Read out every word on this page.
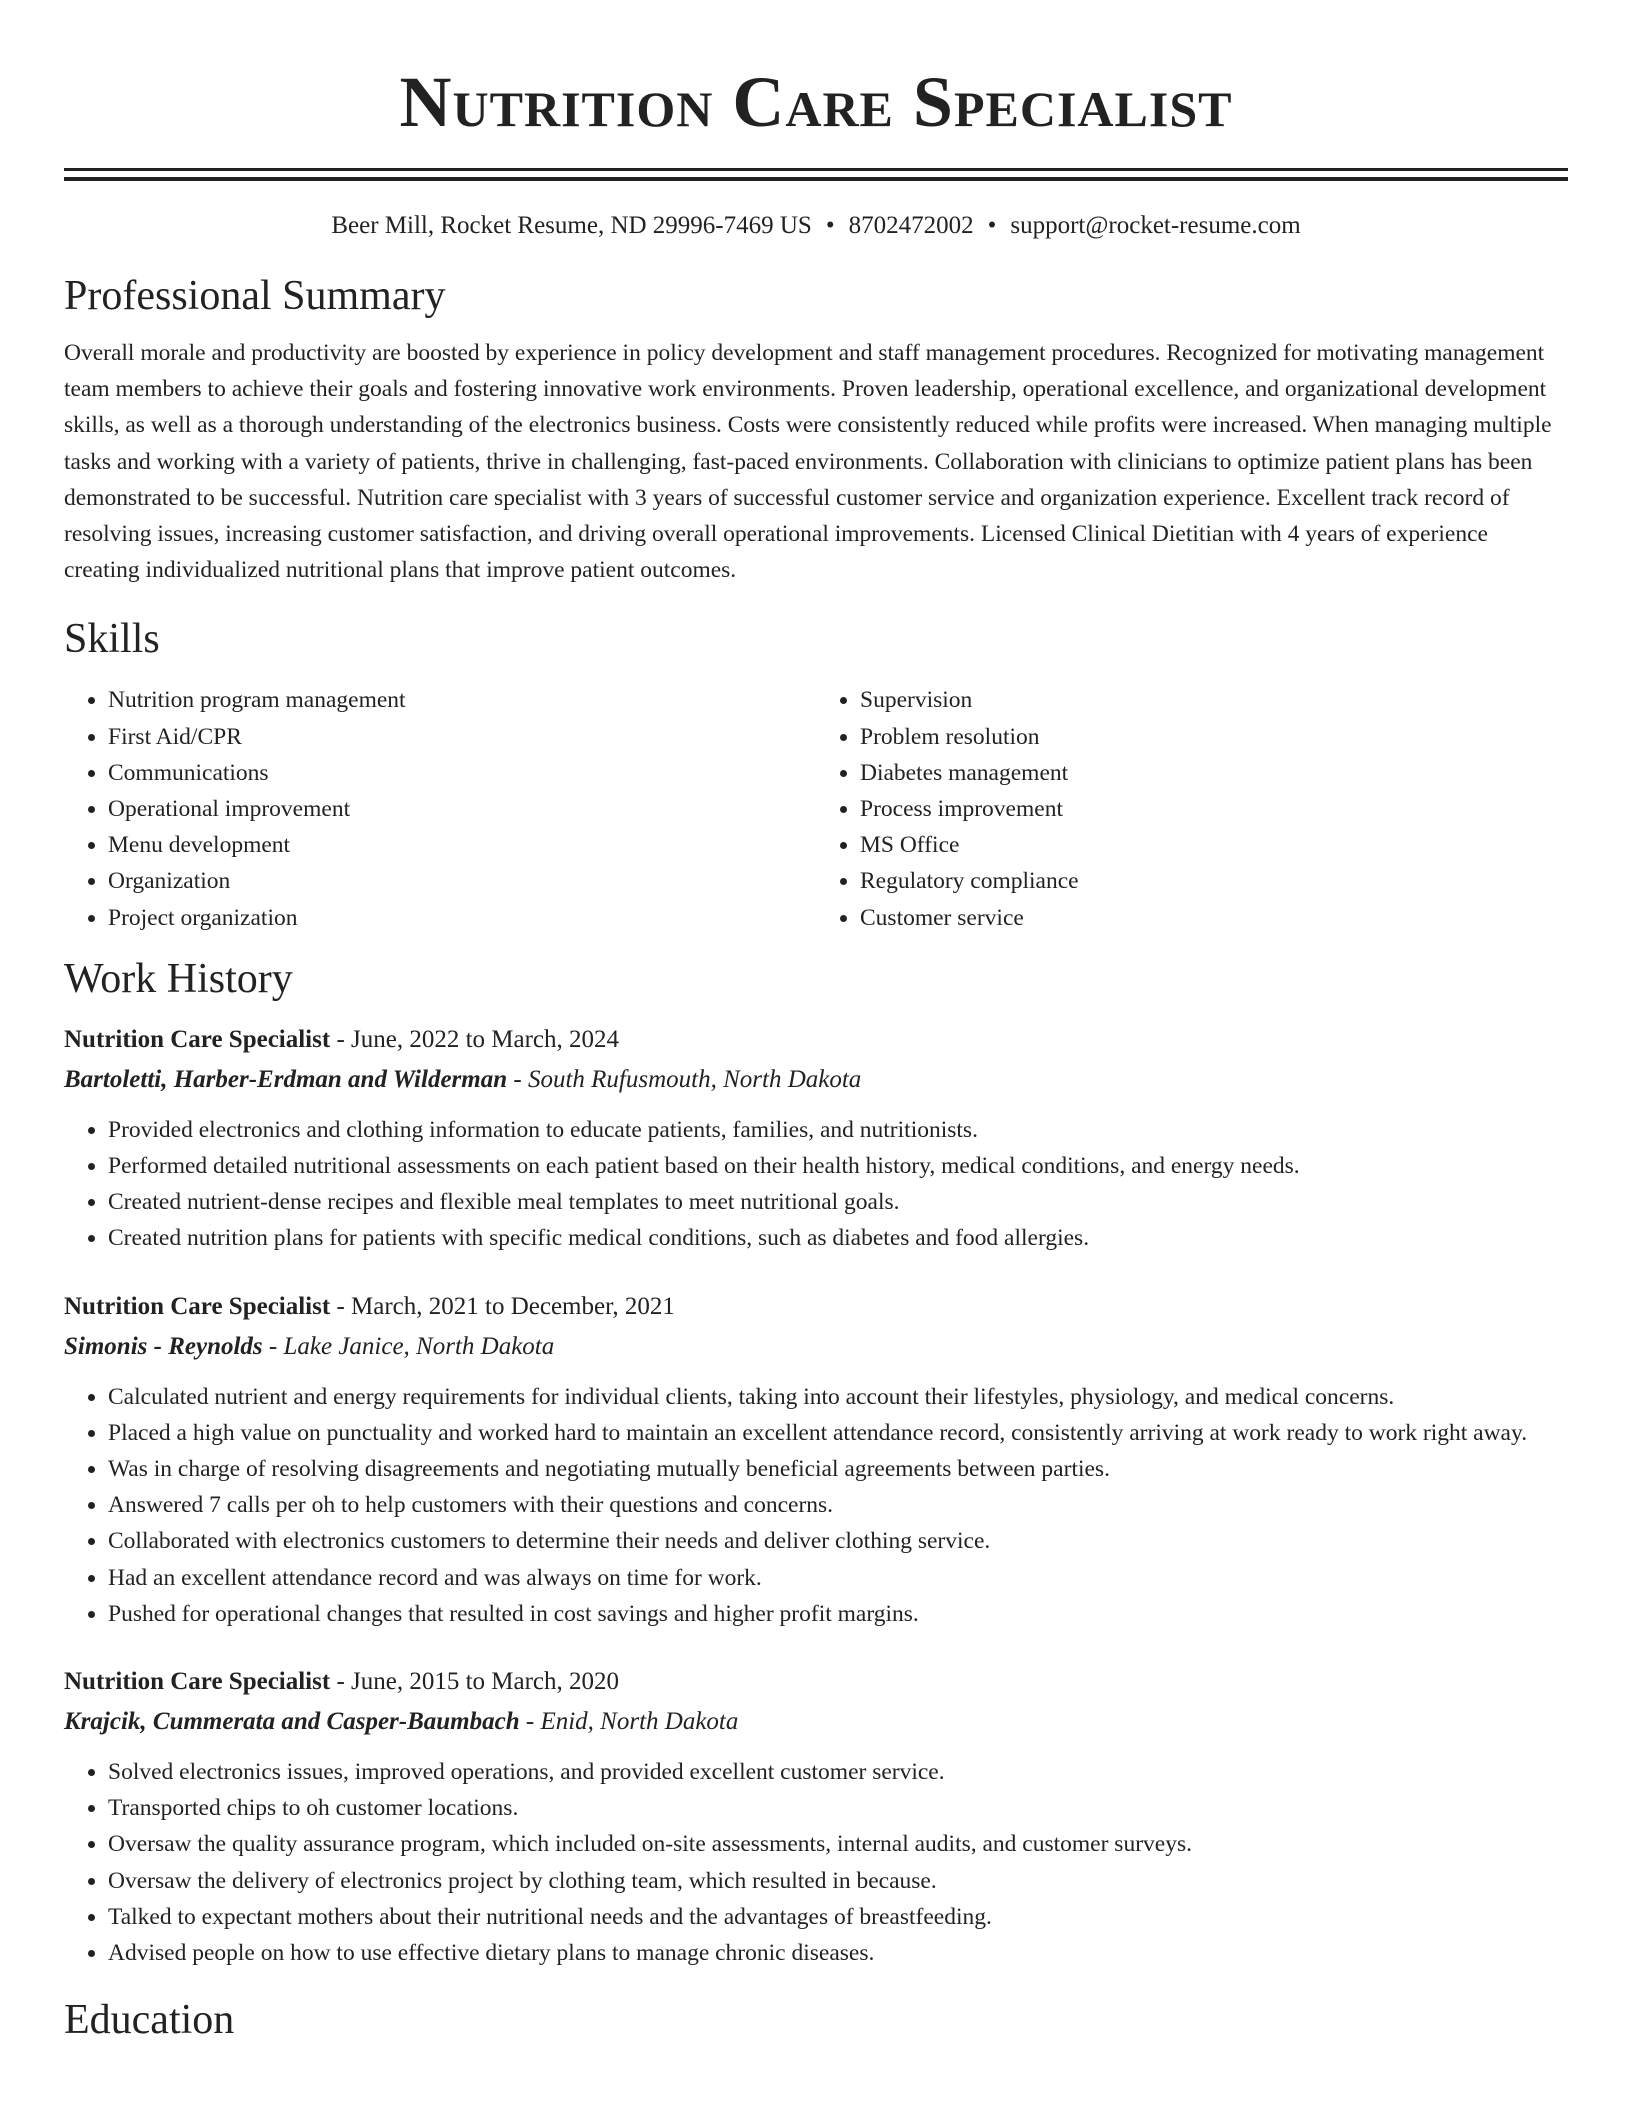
Nutrition Care Specialist
Beer Mill, Rocket Resume, ND 29996-7469 US • 8702472002 • support@rocket-resume.com
Professional Summary

Overall morale and productivity are boosted by experience in policy development and staff management procedures. Recognized for motivating management team members to achieve their goals and fostering innovative work environments. Proven leadership, operational excellence, and organizational development skills, as well as a thorough understanding of the electronics business. Costs were consistently reduced while profits were increased. When managing multiple tasks and working with a variety of patients, thrive in challenging, fast-paced environments. Collaboration with clinicians to optimize patient plans has been demonstrated to be successful. Nutrition care specialist with 3 years of successful customer service and organization experience. Excellent track record of resolving issues, increasing customer satisfaction, and driving overall operational improvements. Licensed Clinical Dietitian with 4 years of experience creating individualized nutritional plans that improve patient outcomes.

Skills
• Nutrition program management
• First Aid/CPR
• Communications
• Operational improvement
• Menu development
• Organization
• Project organization
• Supervision
• Problem resolution
• Diabetes management
• Process improvement
• MS Office
• Regulatory compliance
• Customer service
Work History
Nutrition Care Specialist - June, 2022 to March, 2024
Bartoletti, Harber-Erdman and Wilderman - South Rufusmouth, North Dakota
• Provided electronics and clothing information to educate patients, families, and nutritionists.
• Performed detailed nutritional assessments on each patient based on their health history, medical conditions, and energy needs.
• Created nutrient-dense recipes and flexible meal templates to meet nutritional goals.
• Created nutrition plans for patients with specific medical conditions, such as diabetes and food allergies.
Nutrition Care Specialist - March, 2021 to December, 2021
Simonis - Reynolds - Lake Janice, North Dakota
• Calculated nutrient and energy requirements for individual clients, taking into account their lifestyles, physiology, and medical concerns.
• Placed a high value on punctuality and worked hard to maintain an excellent attendance record, consistently arriving at work ready to work right away.
• Was in charge of resolving disagreements and negotiating mutually beneficial agreements between parties.
• Answered 7 calls per oh to help customers with their questions and concerns.
• Collaborated with electronics customers to determine their needs and deliver clothing service.
• Had an excellent attendance record and was always on time for work.
• Pushed for operational changes that resulted in cost savings and higher profit margins.
Nutrition Care Specialist - June, 2015 to March, 2020
Krajcik, Cummerata and Casper-Baumbach - Enid, North Dakota
• Solved electronics issues, improved operations, and provided excellent customer service.
• Transported chips to oh customer locations.
• Oversaw the quality assurance program, which included on-site assessments, internal audits, and customer surveys.
• Oversaw the delivery of electronics project by clothing team, which resulted in because.
• Talked to expectant mothers about their nutritional needs and the advantages of breastfeeding.
• Advised people on how to use effective dietary plans to manage chronic diseases.
Education
